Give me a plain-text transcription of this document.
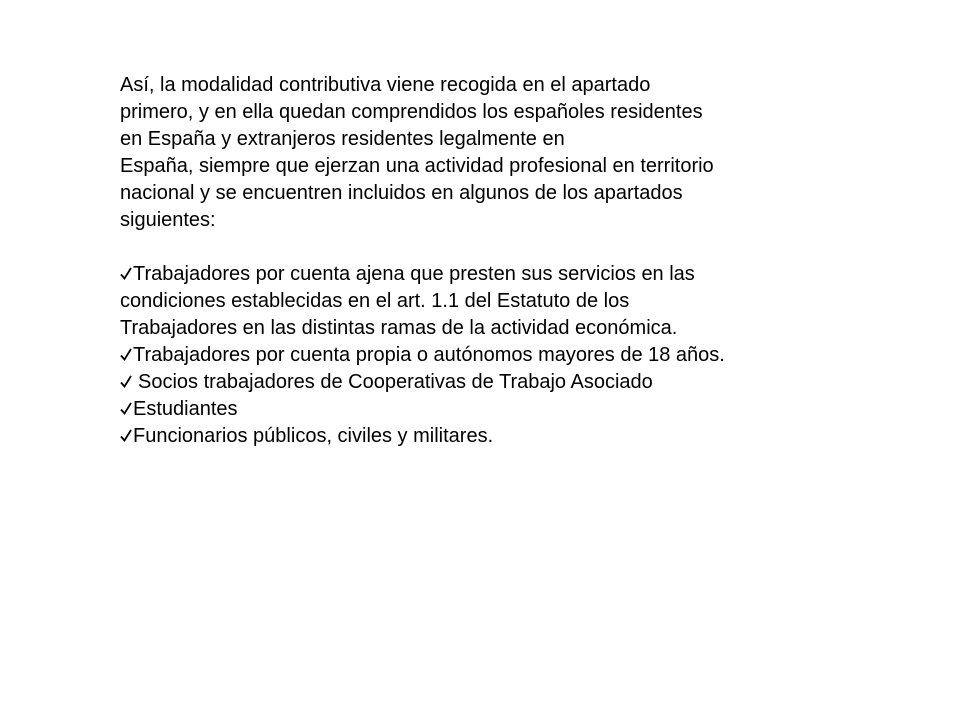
Así, la modalidad contributiva viene recogida en el apartado
primero, y en ella quedan comprendidos los españoles residentes
en España y extranjeros residentes legalmente en
España, siempre que ejerzan una actividad profesional en territorio
nacional y se encuentren incluidos en algunos de los apartados
siguientes:
Trabajadores por cuenta ajena que presten sus servicios en las
condiciones establecidas en el art. 1.1 del Estatuto de los
Trabajadores en las distintas ramas de la actividad económica.
Trabajadores por cuenta propia o autónomos mayores de 18 años.
Socios trabajadores de Cooperativas de Trabajo Asociado
Estudiantes
Funcionarios públicos, civiles y militares.
